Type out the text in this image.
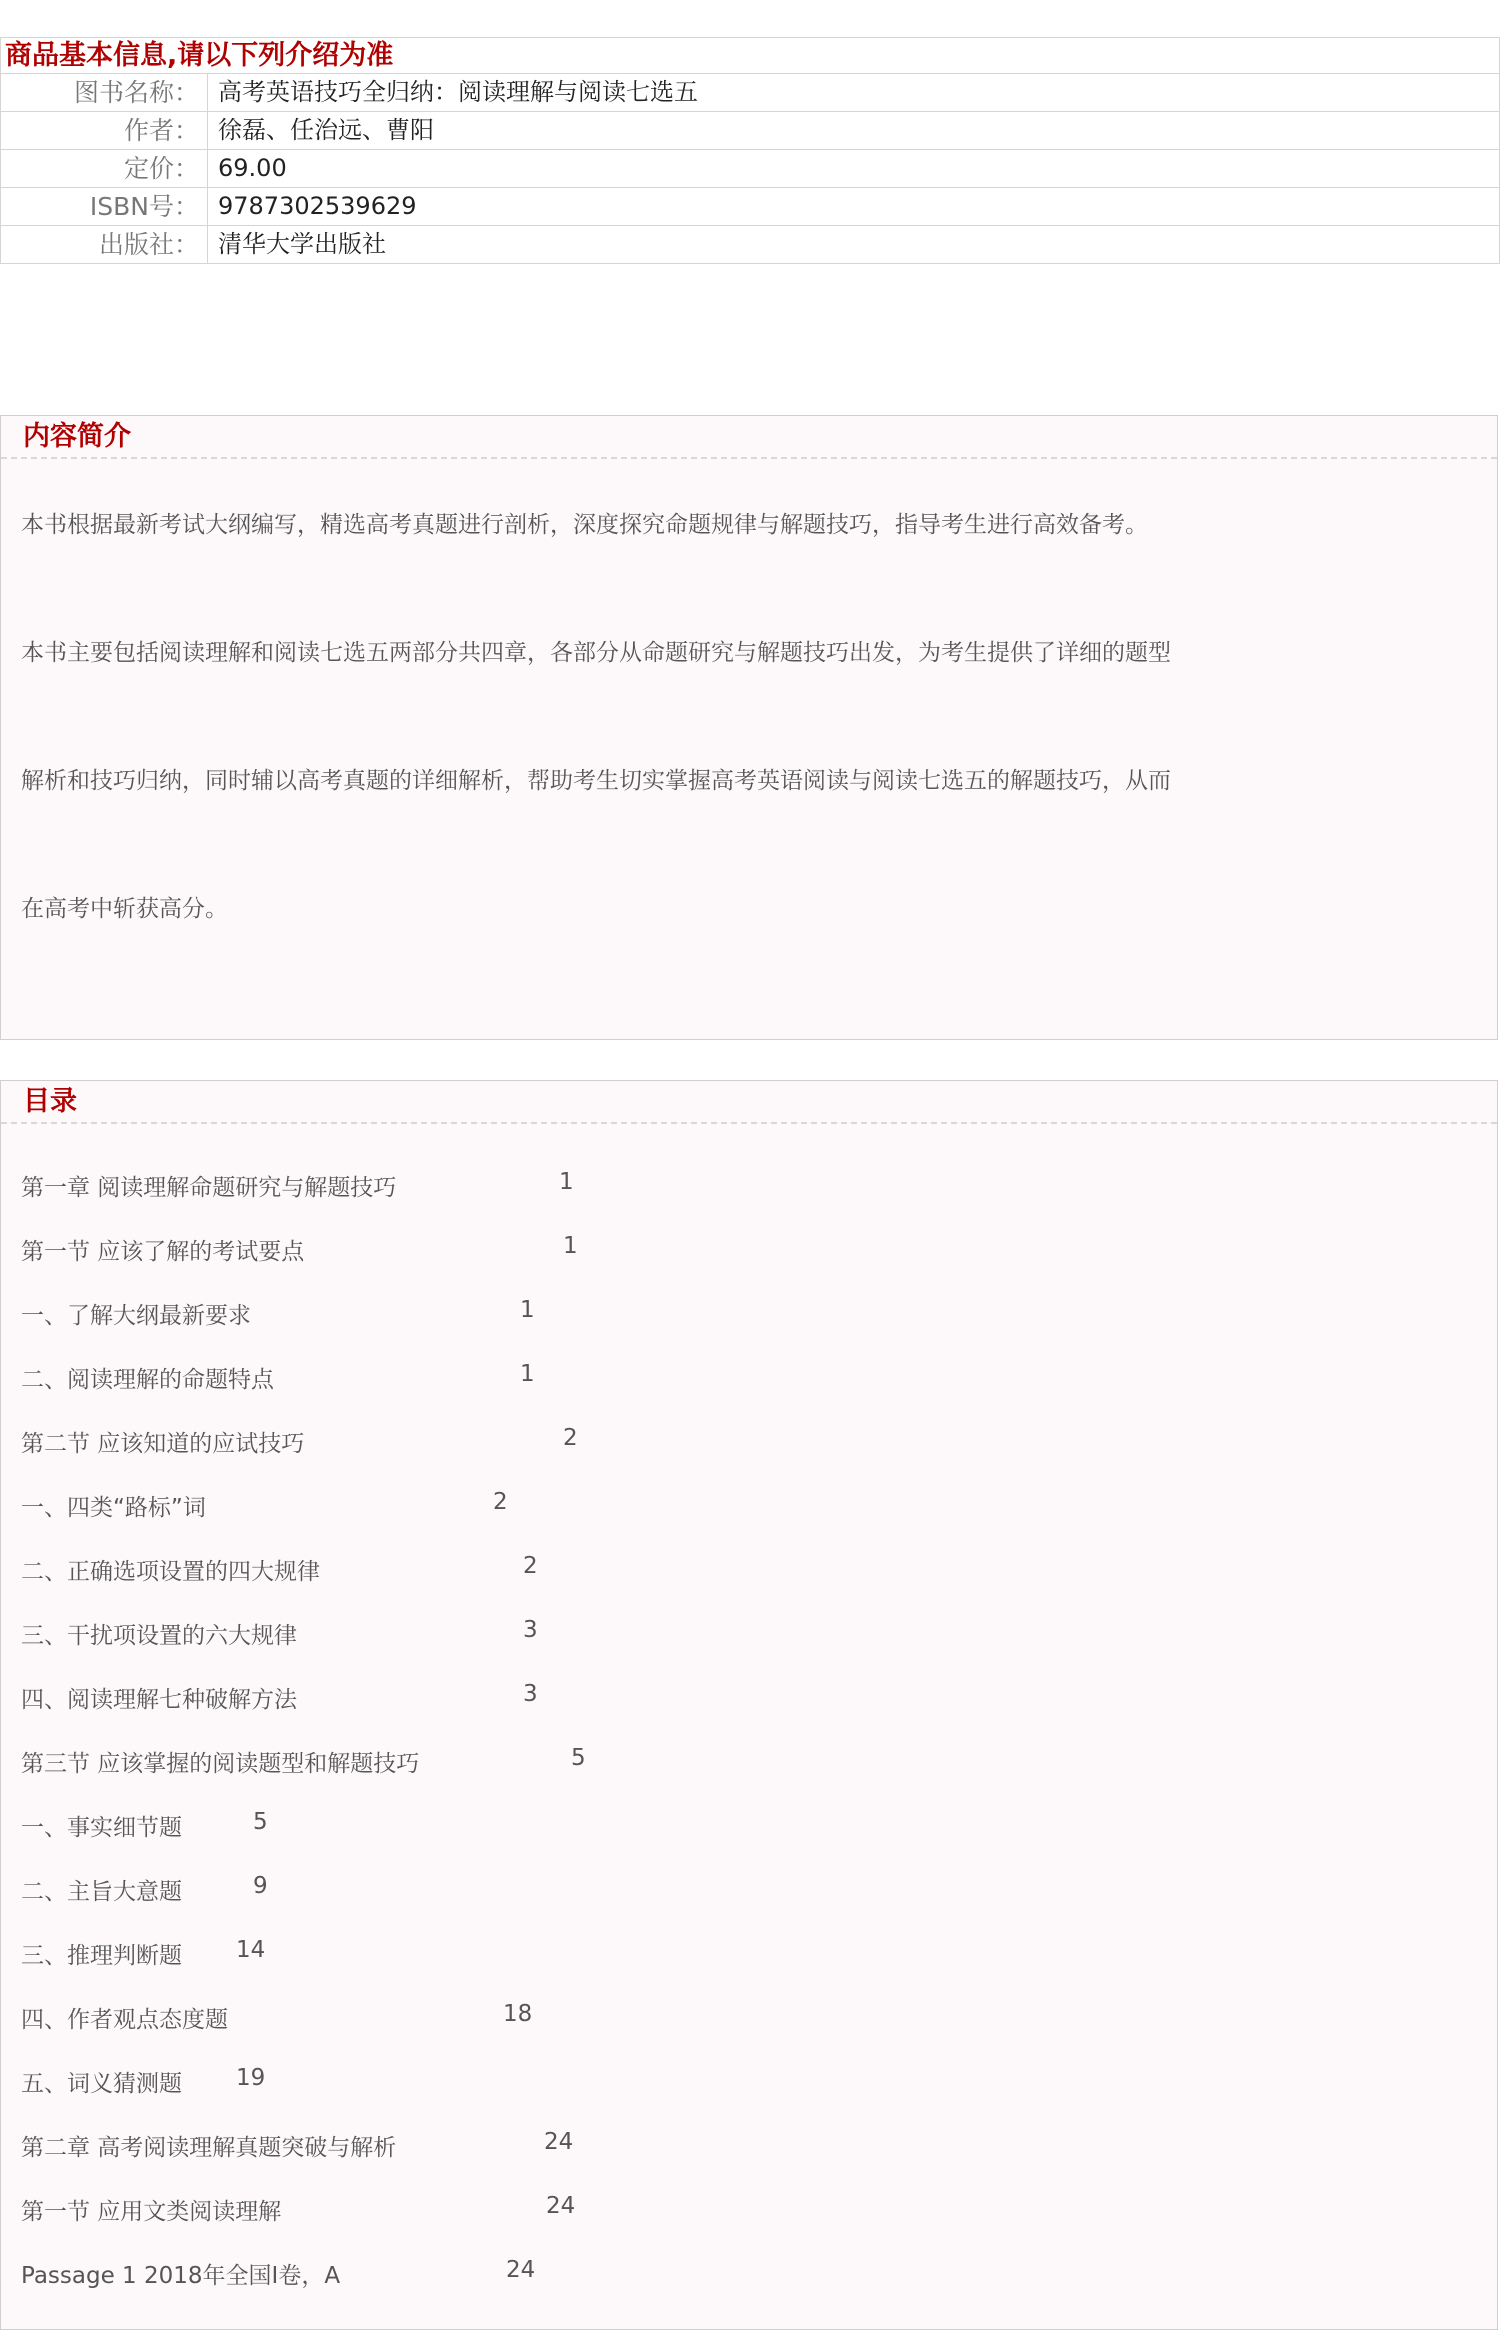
商品基本信息,请以下列介绍为准
图书名称： 高考英语技巧全归纳：阅读理解与阅读七选五
作者： 徐磊、任治远、曹阳
定价： 69.00
ISBN号： 9787302539629
出版社： 清华大学出版社
内容简介
本书根据最新考试大纲编写，精选高考真题进行剖析，深度探究命题规律与解题技巧，指导考生进行高效备考。
本书主要包括阅读理解和阅读七选五两部分共四章，各部分从命题研究与解题技巧出发，为考生提供了详细的题型
解析和技巧归纳，同时辅以高考真题的详细解析，帮助考生切实掌握高考英语阅读与阅读七选五的解题技巧，从而
在高考中斩获高分。
目录
第一章 阅读理解命题研究与解题技巧	1
第一节 应该了解的考试要点	1
一、了解大纲最新要求	1
二、阅读理解的命题特点	1
第二节 应该知道的应试技巧	2
一、四类“路标”词	2
二、正确选项设置的四大规律	2
三、干扰项设置的六大规律	3
四、阅读理解七种破解方法	3
第三节 应该掌握的阅读题型和解题技巧	5
一、事实细节题	5
二、主旨大意题	9
三、推理判断题 14
四、作者观点态度题	18
五、词义猜测题 19
第二章 高考阅读理解真题突破与解析	24
第一节 应用文类阅读理解	24
Passage 1 2018年全国Ⅰ卷，A	24
